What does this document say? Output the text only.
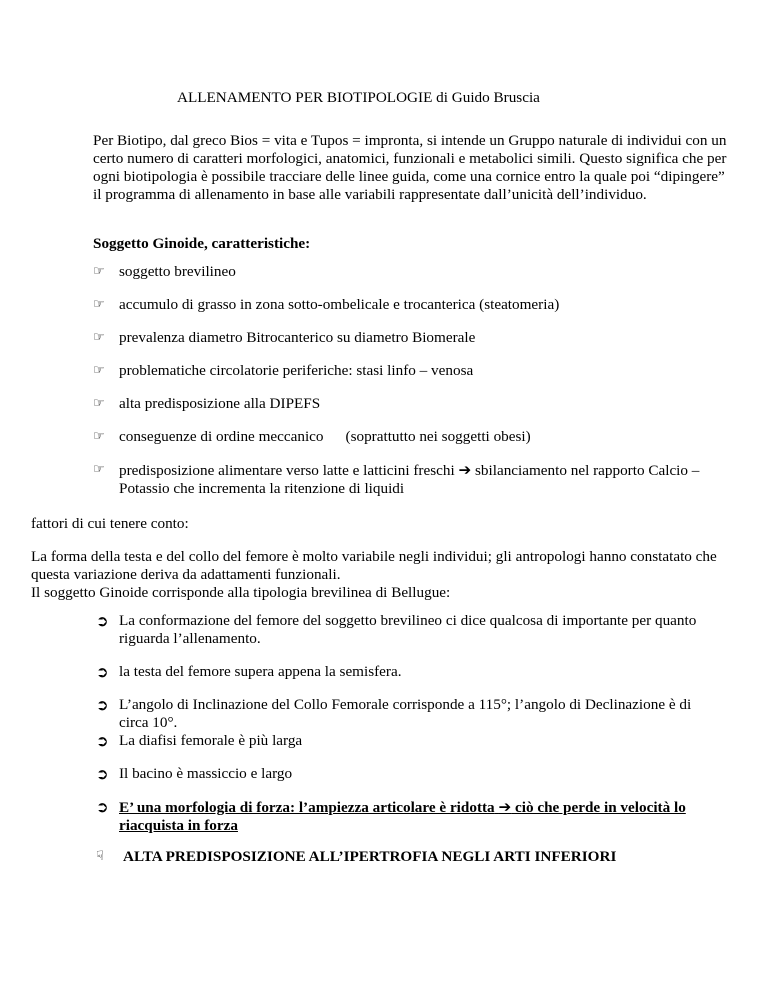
ALLENAMENTO PER BIOTIPOLOGIE di Guido Bruscia
Per Biotipo, dal greco Bios = vita e Tupos = impronta, si intende un Gruppo naturale di individui con un certo numero di caratteri morfologici, anatomici, funzionali e metabolici simili. Questo significa che per ogni biotipologia è possibile tracciare delle linee guida, come una cornice entro la quale poi “dipingere” il programma di allenamento in base alle variabili rappresentate dall’unicità dell’individuo.
Soggetto Ginoide, caratteristiche:
☞ soggetto brevilineo
☞ accumulo di grasso in zona sotto-ombelicale e trocanterica (steatomeria)
☞ prevalenza diametro Bitrocanterico su diametro Biomerale
☞ problematiche circolatorie periferiche: stasi linfo – venosa
☞ alta predisposizione alla DIPEFS
☞ conseguenze di ordine meccanico (soprattutto nei soggetti obesi)
☞ predisposizione alimentare verso latte e latticini freschi ➔ sbilanciamento nel rapporto Calcio – Potassio che incrementa la ritenzione di liquidi
fattori di cui tenere conto:
La forma della testa e del collo del femore è molto variabile negli individui; gli antropologi hanno constatato che questa variazione deriva da adattamenti funzionali.
Il soggetto Ginoide corrisponde alla tipologia brevilinea di Bellugue:
➲ La conformazione del femore del soggetto brevilineo ci dice qualcosa di importante per quanto riguarda l’allenamento.
➲ la testa del femore supera appena la semisfera.
➲ L’angolo di Inclinazione del Collo Femorale corrisponde a 115°; l’angolo di Declinazione è di circa 10°.
➲ La diafisi femorale è più larga
➲ Il bacino è massiccio e largo
➲ E’ una morfologia di forza: l’ampiezza articolare è ridotta ➔ ciò che perde in velocità lo riacquista in forza
☟	ALTA PREDISPOSIZIONE ALL’IPERTROFIA NEGLI ARTI INFERIORI
